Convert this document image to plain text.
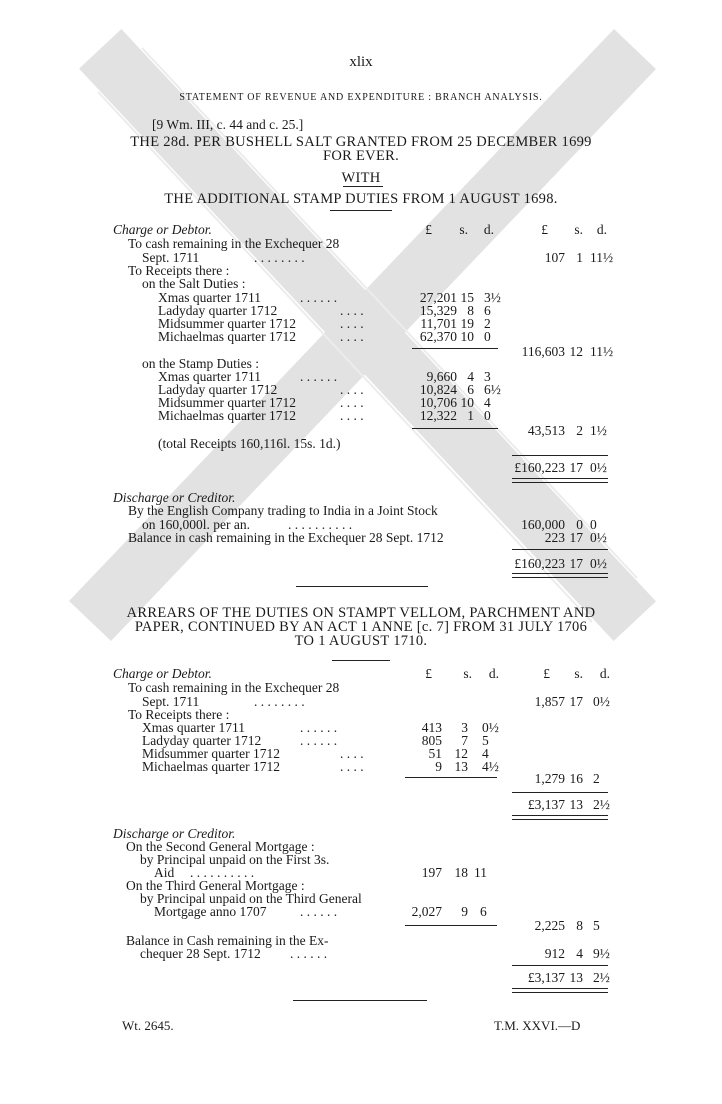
xlix
STATEMENT OF REVENUE AND EXPENDITURE : BRANCH ANALYSIS.
[9 Wm. III, c. 44 and c. 25.]
THE 28d. PER BUSHELL SALT GRANTED FROM 25 DECEMBER 1699
FOR EVER.
WITH
THE ADDITIONAL STAMP DUTIES FROM 1 AUGUST 1698.
Charge or Debtor.	£	s.	d.	£	s.	d.
To cash remaining in the Exchequer 28
Sept. 1711	. . . . . . . .	107 1 11½
To Receipts there :
on the Salt Duties :
Xmas quarter 1711	. . . . . .	27,201 15 3½
Ladyday quarter 1712	. . . .	15,329 8 6
Midsummer quarter 1712	. . . .	11,701 19 2
Michaelmas quarter 1712	. . . .	62,370 10 0
116,603 12 11½
on the Stamp Duties :
Xmas quarter 1711	. . . . . .	9,660 4 3
Ladyday quarter 1712	. . . .	10,824 6 6½
Midsummer quarter 1712	. . . .	10,706 10 4
Michaelmas quarter 1712	. . . .	12,322 1 0
43,513 2 1½
(total Receipts 160,116l. 15s. 1d.)
£160,223 17 0½
Discharge or Creditor.
By the English Company trading to India in a Joint Stock
on 160,000l. per an.	. . . . . . . . . .	160,000 0 0
Balance in cash remaining in the Exchequer 28 Sept. 1712	223 17 0½
£160,223 17 0½
ARREARS OF THE DUTIES ON STAMPT VELLOM, PARCHMENT AND
PAPER, CONTINUED BY AN ACT 1 ANNE [c. 7] FROM 31 JULY 1706
TO 1 AUGUST 1710.
Charge or Debtor.	£	s.	d.	£	s.	d.
To cash remaining in the Exchequer 28
Sept. 1711	. . . . . . . .	1,857 17 0½
To Receipts there :
Xmas quarter 1711	. . . . . .	413	3 0½
Ladyday quarter 1712	. . . . . .	805	7 5
Midsummer quarter 1712	. . . .	51 12 4
Michaelmas quarter 1712	. . . .	9 13 4½
1,279 16 2
£3,137 13 2½
Discharge or Creditor.
On the Second General Mortgage :
by Principal unpaid on the First 3s.
Aid . . . . . . . . . .	197 18 11
On the Third General Mortgage :
by Principal unpaid on the Third General
Mortgage anno 1707 . . . . . .	2,027	9 6
2,225 8 5
Balance in Cash remaining in the Ex-
chequer 28 Sept. 1712 . . . . . .	912 4 9½
£3,137 13 2½
Wt. 2645.	T.M. XXVI.—D
